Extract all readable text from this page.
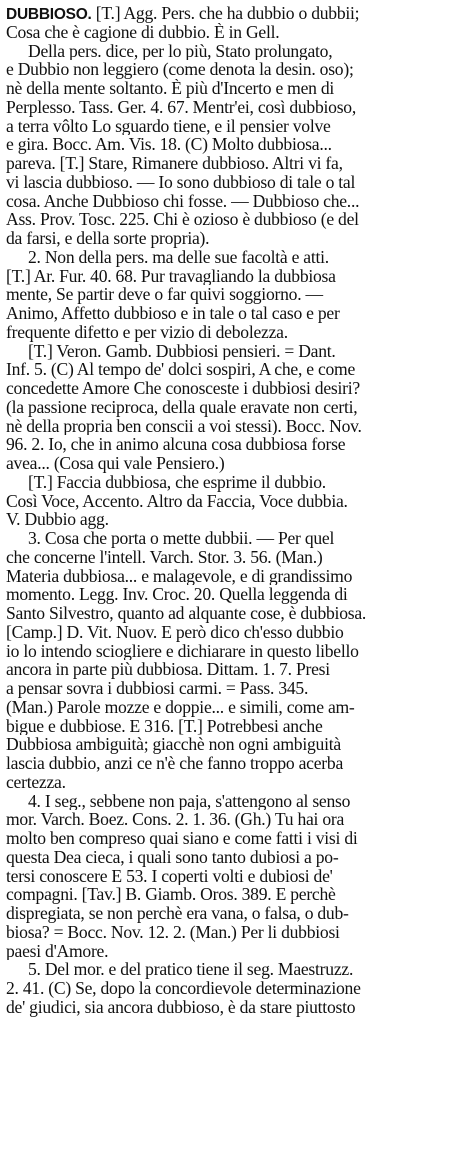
DUBBIOSO. [T.] Agg. Pers. che ha dubbio o dubbii;
Cosa che è cagione di dubbio. È in Gell.
Della pers. dice, per lo più, Stato prolungato,
e Dubbio non leggiero (come denota la desin. oso);
nè della mente soltanto. È più d'Incerto e men di
Perplesso. Tass. Ger. 4. 67. Mentr'ei, così dubbioso,
a terra vôlto Lo sguardo tiene, e il pensier volve
e gira. Bocc. Am. Vis. 18. (C) Molto dubbiosa...
pareva. [T.] Stare, Rimanere dubbioso. Altri vi fa,
vi lascia dubbioso. — Io sono dubbioso di tale o tal
cosa. Anche Dubbioso chi fosse. — Dubbioso che...
Ass. Prov. Tosc. 225. Chi è ozioso è dubbioso (e del
da farsi, e della sorte propria).
2. Non della pers. ma delle sue facoltà e atti.
[T.] Ar. Fur. 40. 68. Pur travagliando la dubbiosa
mente, Se partir deve o far quivi soggiorno. —
Animo, Affetto dubbioso e in tale o tal caso e per
frequente difetto e per vizio di debolezza.
[T.] Veron. Gamb. Dubbiosi pensieri. = Dant.
Inf. 5. (C) Al tempo de' dolci sospiri, A che, e come
concedette Amore Che conosceste i dubbiosi desiri?
(la passione reciproca, della quale eravate non certi,
nè della propria ben conscii a voi stessi). Bocc. Nov.
96. 2. Io, che in animo alcuna cosa dubbiosa forse
avea... (Cosa qui vale Pensiero.)
[T.] Faccia dubbiosa, che esprime il dubbio.
Così Voce, Accento. Altro da Faccia, Voce dubbia.
V. Dubbio agg.
3. Cosa che porta o mette dubbii. — Per quel
che concerne l'intell. Varch. Stor. 3. 56. (Man.)
Materia dubbiosa... e malagevole, e di grandissimo
momento. Legg. Inv. Croc. 20. Quella leggenda di
Santo Silvestro, quanto ad alquante cose, è dubbiosa.
[Camp.] D. Vit. Nuov. E però dico ch'esso dubbio
io lo intendo sciogliere e dichiarare in questo libello
ancora in parte più dubbiosa. Dittam. 1. 7. Presi
a pensar sovra i dubbiosi carmi. = Pass. 345.
(Man.) Parole mozze e doppie... e simili, come am-
bigue e dubbiose. E 316. [T.] Potrebbesi anche
Dubbiosa ambiguità; giacchè non ogni ambiguità
lascia dubbio, anzi ce n'è che fanno troppo acerba
certezza.
4. I seg., sebbene non paja, s'attengono al senso
mor. Varch. Boez. Cons. 2. 1. 36. (Gh.) Tu hai ora
molto ben compreso quai siano e come fatti i visi di
questa Dea cieca, i quali sono tanto dubiosi a po-
tersi conoscere E 53. I coperti volti e dubiosi de'
compagni. [Tav.] B. Giamb. Oros. 389. E perchè
dispregiata, se non perchè era vana, o falsa, o dub-
biosa? = Bocc. Nov. 12. 2. (Man.) Per li dubbiosi
paesi d'Amore.
5. Del mor. e del pratico tiene il seg. Maestruzz.
2. 41. (C) Se, dopo la concordievole determinazione
de' giudici, sia ancora dubbioso, è da stare piuttosto
